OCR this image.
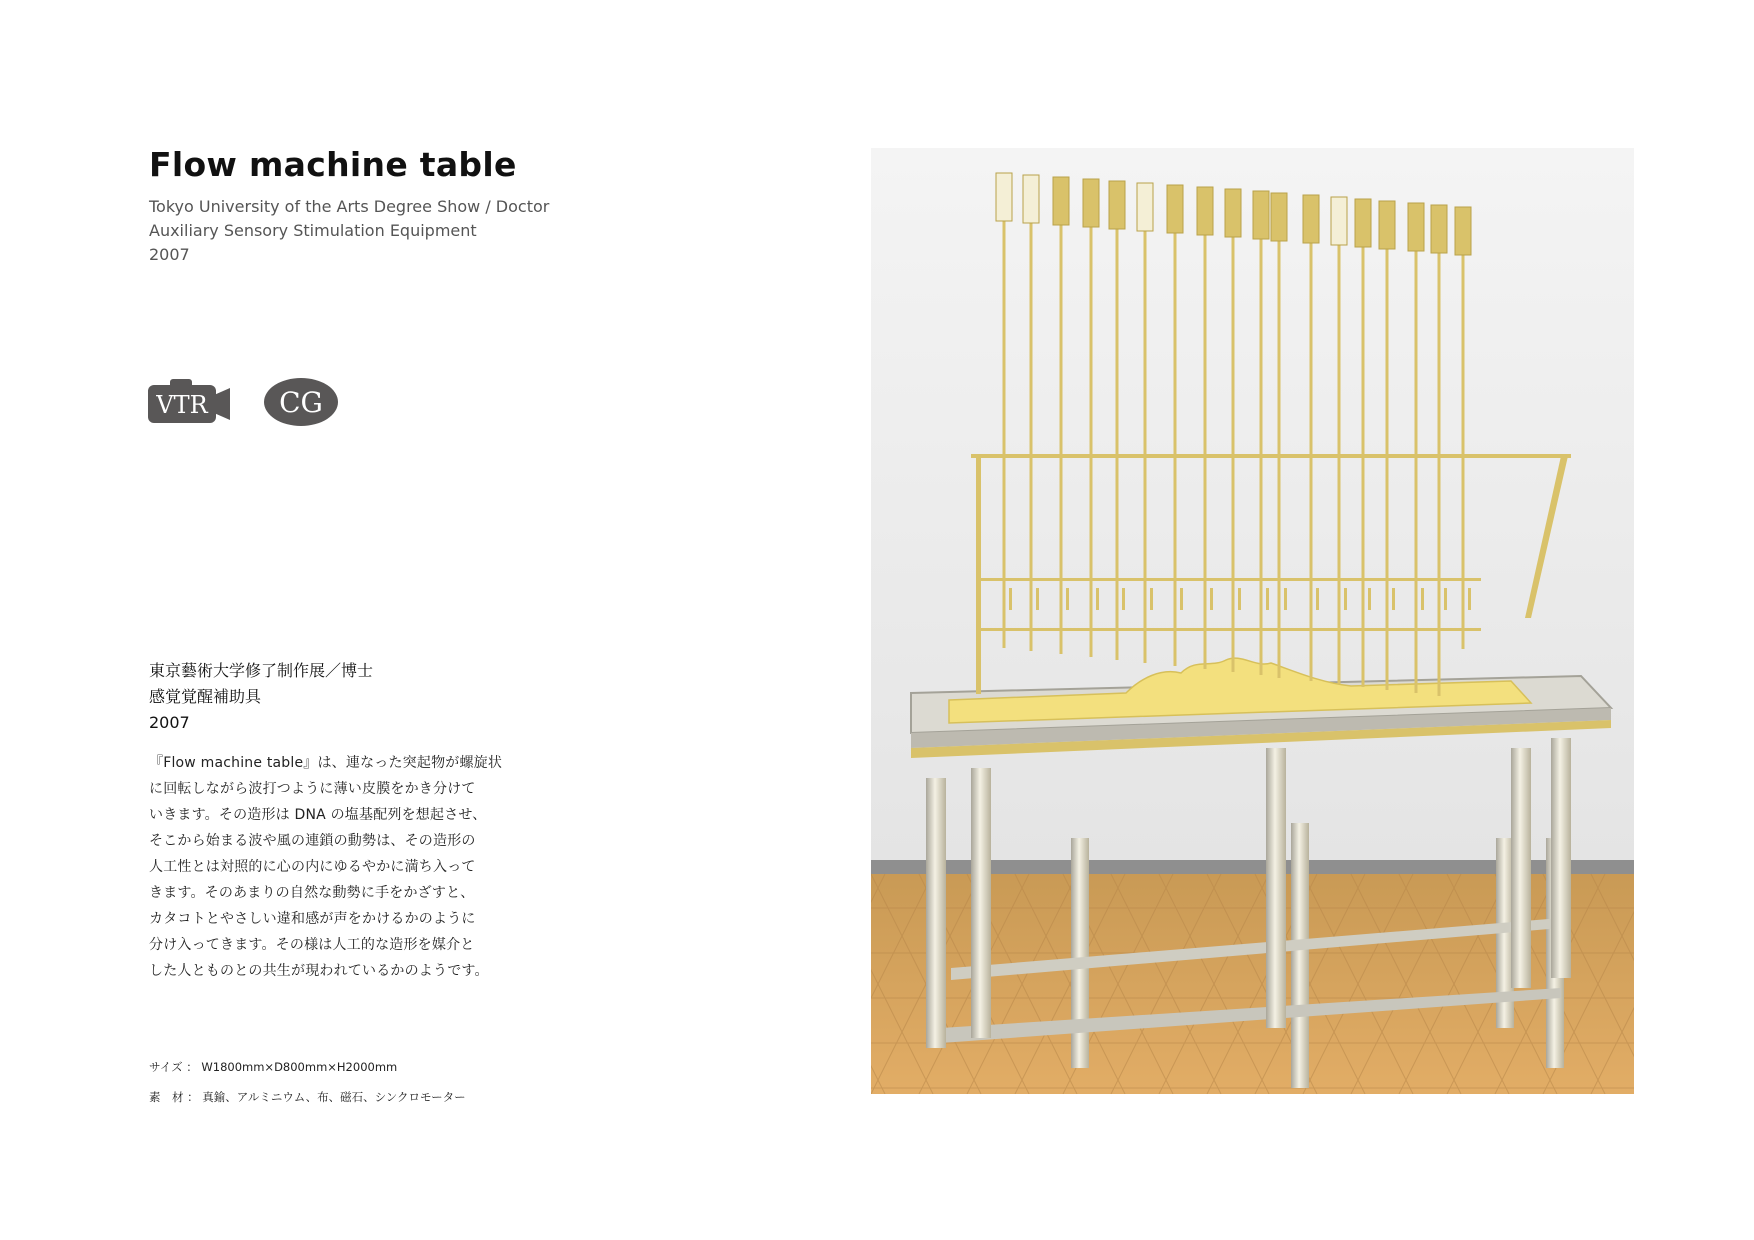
Flow machine table
Tokyo University of the Arts Degree Show / Doctor
Auxiliary Sensory Stimulation Equipment
2007
VTR	CG
東京藝術大学修了制作展／博士
感覚覚醒補助具
2007
『Flow machine table』は、連なった突起物が螺旋状
に回転しながら波打つように薄い皮膜をかき分けて
いきます。その造形は DNA の塩基配列を想起させ、
そこから始まる波や風の連鎖の動勢は、その造形の
人工性とは対照的に心の内にゆるやかに満ち入って
きます。そのあまりの自然な動勢に手をかざすと、
カタコトとやさしい違和感が声をかけるかのように
分け入ってきます。その様は人工的な造形を媒介と
した人とものとの共生が現われているかのようです。
サイズ ： W1800mm×D800mm×H2000mm
素　材 ： 真鍮、アルミニウム、布、磁石、シンクロモーター
